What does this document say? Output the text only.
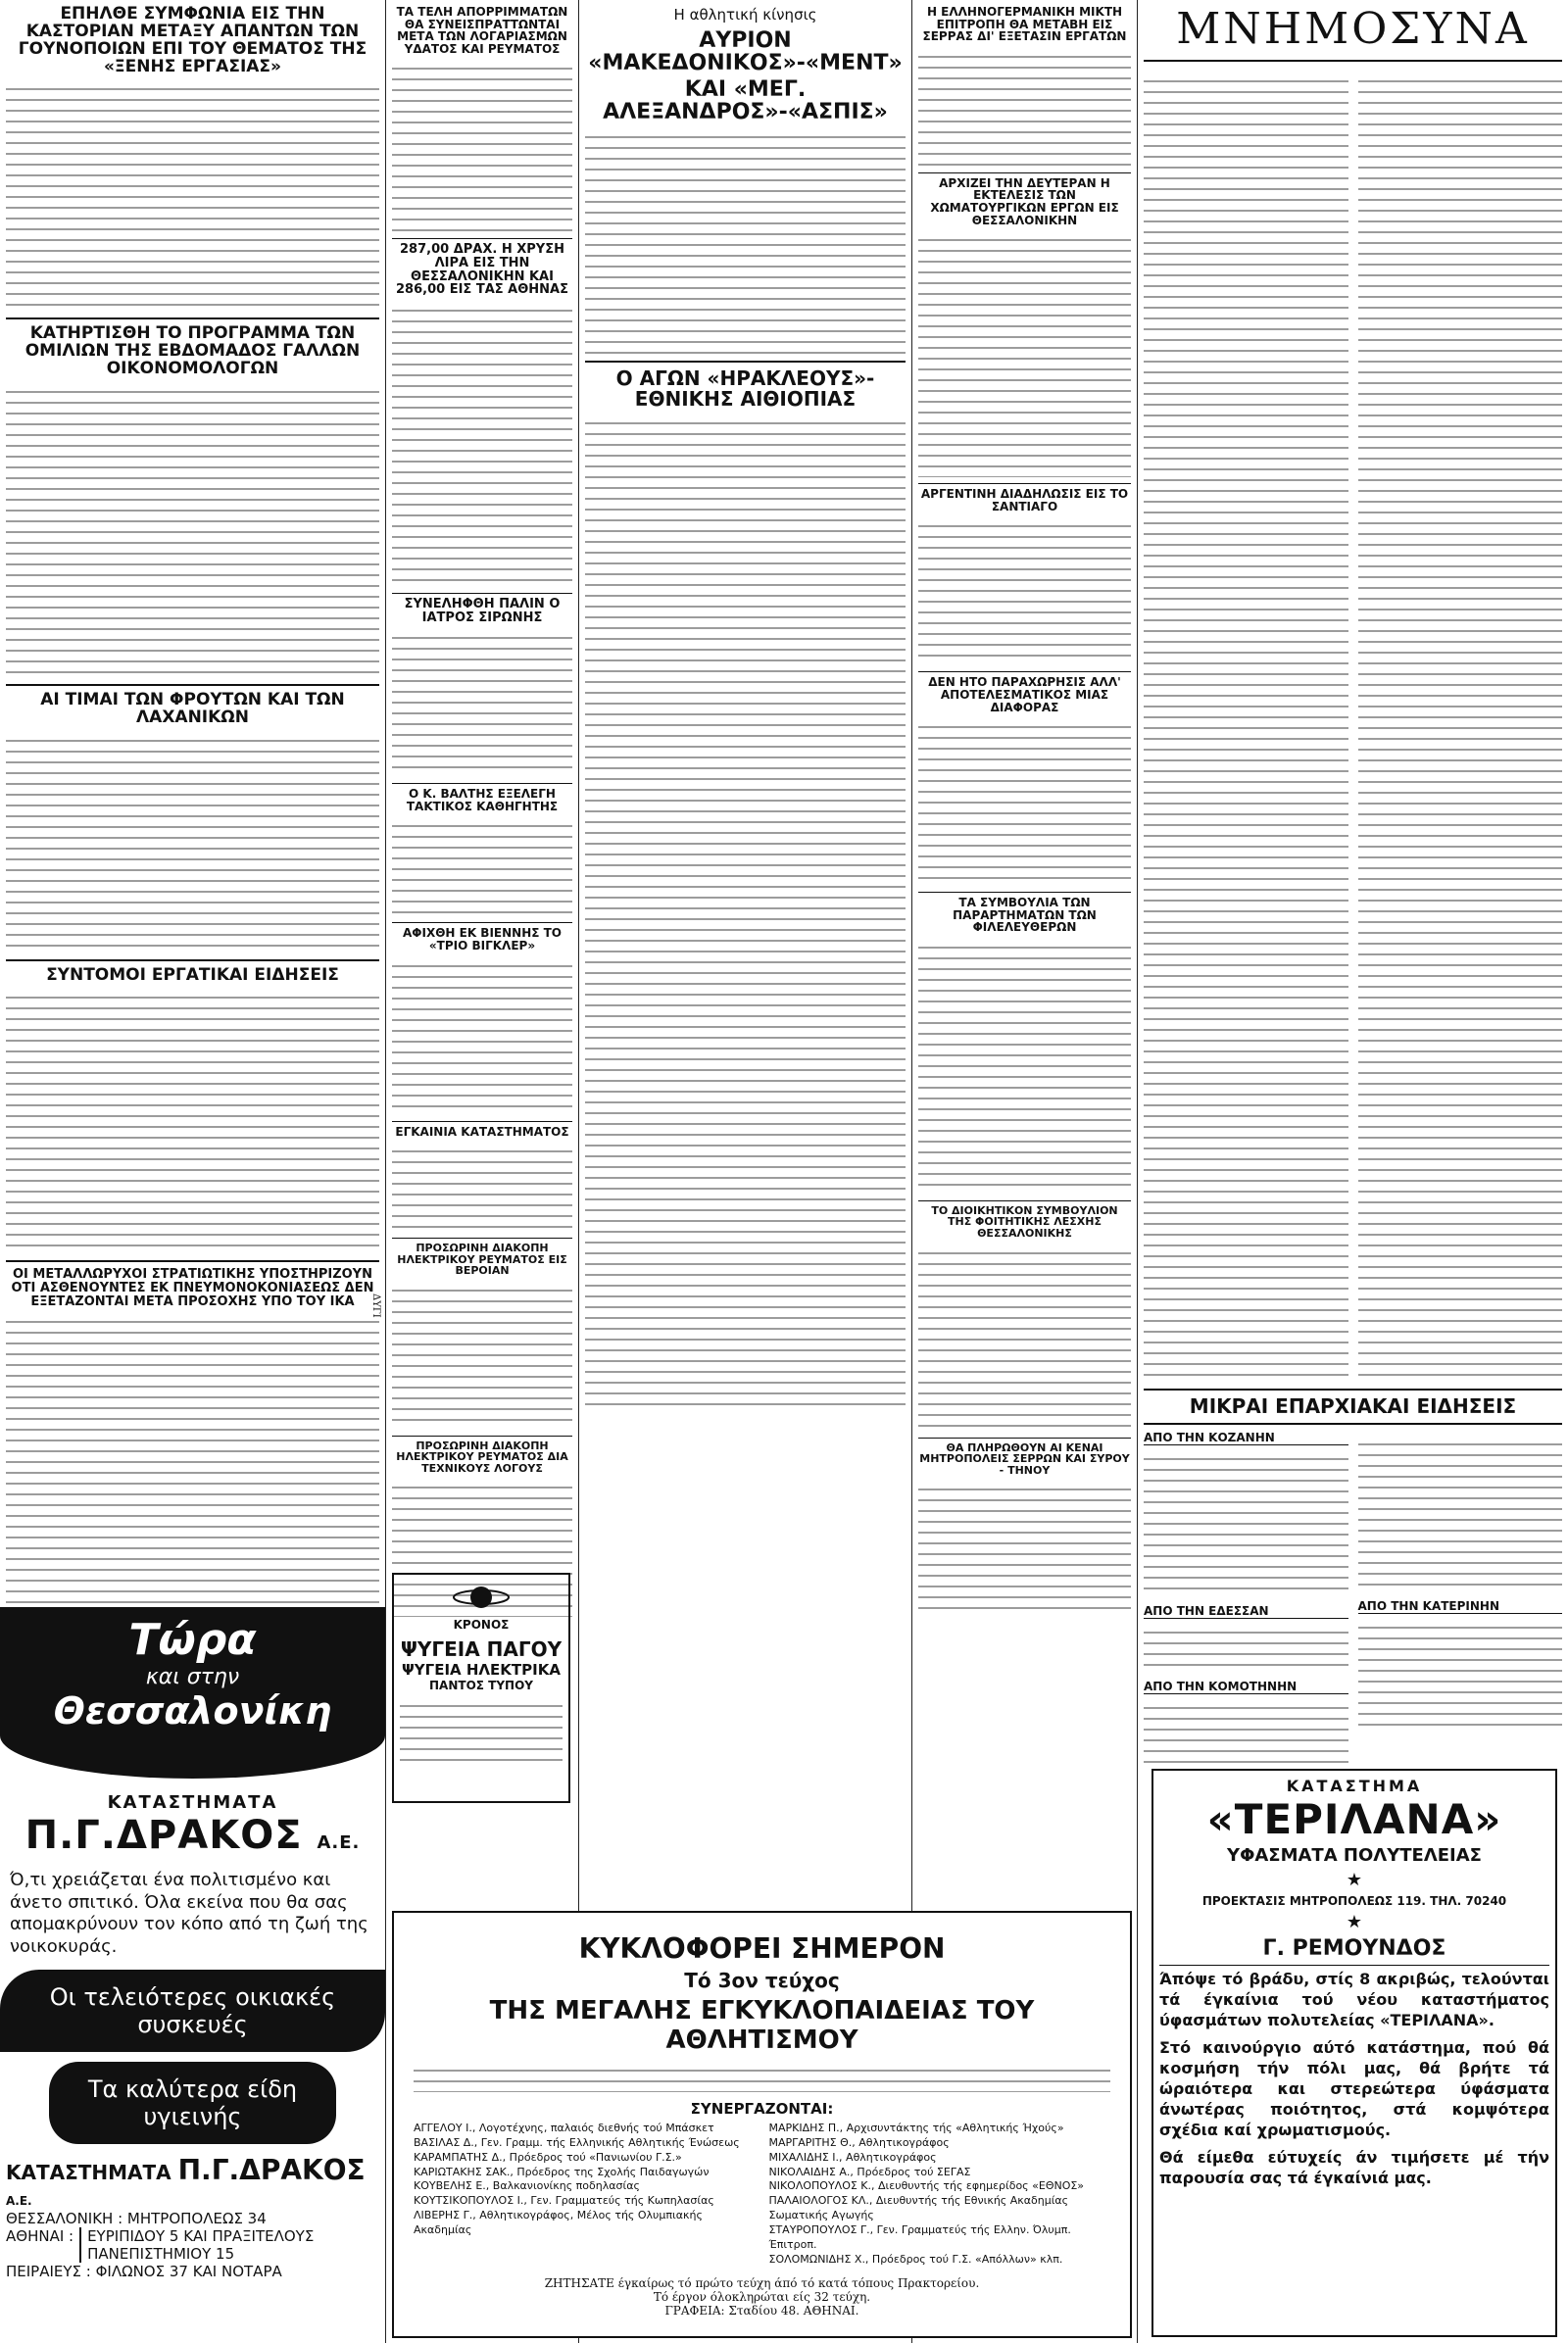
ΕΠΗΛΘΕ ΣΥΜΦΩΝΙΑ ΕΙΣ ΤΗΝ ΚΑΣΤΟΡΙΑΝ ΜΕΤΑΞΥ ΑΠΑΝΤΩΝ ΤΩΝ ΓΟΥΝΟΠΟΙΩΝ ΕΠΙ ΤΟΥ ΘΕΜΑΤΟΣ ΤΗΣ «ΞΕΝΗΣ ΕΡΓΑΣΙΑΣ»
ΚΑΤΗΡΤΙΣΘΗ ΤΟ ΠΡΟΓΡΑΜΜΑ ΤΩΝ ΟΜΙΛΙΩΝ ΤΗΣ ΕΒΔΟΜΑΔΟΣ ΓΑΛΛΩΝ ΟΙΚΟΝΟΜΟΛΟΓΩΝ
ΑΙ ΤΙΜΑΙ ΤΩΝ ΦΡΟΥΤΩΝ ΚΑΙ ΤΩΝ ΛΑΧΑΝΙΚΩΝ
ΣΥΝΤΟΜΟΙ ΕΡΓΑΤΙΚΑΙ ΕΙΔΗΣΕΙΣ
ΟΙ ΜΕΤΑΛΛΩΡΥΧΟΙ ΣΤΡΑΤΙΩΤΙΚΗΣ ΥΠΟΣΤΗΡΙΖΟΥΝ ΟΤΙ ΑΣΘΕΝΟΥΝΤΕΣ ΕΚ ΠΝΕΥΜΟΝΟΚΟΝΙΑΣΕΩΣ ΔΕΝ ΕΞΕΤΑΖΟΝΤΑΙ ΜΕΤΑ ΠΡΟΣΟΧΗΣ ΥΠΟ ΤΟΥ ΙΚΑ
Τώρα
και στην
Θεσσαλονίκη
ΚΑΤΑΣΤΗΜΑΤΑ
Π.Γ.ΔΡΑΚΟΣ Α.Ε.
Ό,τι χρειάζεται ένα πολιτισμένο και άνετο σπιτικό. Όλα εκείνα που θα σας απομακρύνουν τον κόπο από τη ζωή της νοικοκυράς.
Οι τελειότερες οικιακές συσκευές
Τα καλύτερα είδη υγιεινής
ΚΑΤΑΣΤΗΜΑΤΑ Π.Γ.ΔΡΑΚΟΣ Α.Ε.
ΘΕΣΣΑΛΟΝΙΚΗ : ΜΗΤΡΟΠΟΛΕΩΣ 34
ΑΘΗΝΑΙ : ΕΥΡΙΠΙΔΟΥ 5 ΚΑΙ ΠΡΑΞΙΤΕΛΟΥΣ
ΠΑΝΕΠΙΣΤΗΜΙΟΥ 15
ΠΕΙΡΑΙΕΥΣ : ΦΙΛΩΝΟΣ 37 ΚΑΙ ΝΟΤΑΡΑ
ΔΥΓΙ
ΤΑ ΤΕΛΗ ΑΠΟΡΡΙΜΜΑΤΩΝ ΘΑ ΣΥΝΕΙΣΠΡΑΤΤΩΝΤΑΙ ΜΕΤΑ ΤΩΝ ΛΟΓΑΡΙΑΣΜΩΝ ΥΔΑΤΟΣ ΚΑΙ ΡΕΥΜΑΤΟΣ
287,00 ΔΡΑΧ. Η ΧΡΥΣΗ ΛΙΡΑ ΕΙΣ ΤΗΝ ΘΕΣΣΑΛΟΝΙΚΗΝ ΚΑΙ 286,00 ΕΙΣ ΤΑΣ ΑΘΗΝΑΣ
ΣΥΝΕΛΗΦΘΗ ΠΑΛΙΝ Ο ΙΑΤΡΟΣ ΣΙΡΩΝΗΣ
Ο Κ. ΒΑΛΤΗΣ ΕΞΕΛΕΓΗ ΤΑΚΤΙΚΟΣ ΚΑΘΗΓΗΤΗΣ
ΑΦΙΧΘΗ ΕΚ ΒΙΕΝΝΗΣ ΤΟ «ΤΡΙΟ ΒΙΓΚΛΕΡ»
ΕΓΚΑΙΝΙΑ ΚΑΤΑΣΤΗΜΑΤΟΣ
ΠΡΟΣΩΡΙΝΗ ΔΙΑΚΟΠΗ ΗΛΕΚΤΡΙΚΟΥ ΡΕΥΜΑΤΟΣ ΕΙΣ ΒΕΡΟΙΑΝ
ΠΡΟΣΩΡΙΝΗ ΔΙΑΚΟΠΗ ΗΛΕΚΤΡΙΚΟΥ ΡΕΥΜΑΤΟΣ ΔΙΑ ΤΕΧΝΙΚΟΥΣ ΛΟΓΟΥΣ
ΚΡΟΝΟΣ
ΨΥΓΕΙΑ ΠΑΓΟΥ
ΨΥΓΕΙΑ ΗΛΕΚΤΡΙΚΑ
ΠΑΝΤΟΣ ΤΥΠΟΥ
Η αθλητική κίνησις
ΑΥΡΙΟΝ «ΜΑΚΕΔΟΝΙΚΟΣ»-«ΜΕΝΤ»
ΚΑΙ «ΜΕΓ. ΑΛΕΞΑΝΔΡΟΣ»-«ΑΣΠΙΣ»
Ο ΑΓΩΝ «ΗΡΑΚΛΕΟΥΣ»-ΕΘΝΙΚΗΣ ΑΙΘΙΟΠΙΑΣ
Η ΕΛΛΗΝΟΓΕΡΜΑΝΙΚΗ ΜΙΚΤΗ ΕΠΙΤΡΟΠΗ ΘΑ ΜΕΤΑΒΗ ΕΙΣ ΣΕΡΡΑΣ ΔΙ' ΕΞΕΤΑΣΙΝ ΕΡΓΑΤΩΝ
ΑΡΧΙΖΕΙ ΤΗΝ ΔΕΥΤΕΡΑΝ Η ΕΚΤΕΛΕΣΙΣ ΤΩΝ ΧΩΜΑΤΟΥΡΓΙΚΩΝ ΕΡΓΩΝ ΕΙΣ ΘΕΣΣΑΛΟΝΙΚΗΝ
ΑΡΓΕΝΤΙΝΗ ΔΙΑΔΗΛΩΣΙΣ ΕΙΣ ΤΟ ΣΑΝΤΙΑΓΟ
ΔΕΝ ΗΤΟ ΠΑΡΑΧΩΡΗΣΙΣ ΑΛΛ' ΑΠΟΤΕΛΕΣΜΑΤΙΚΟΣ ΜΙΑΣ ΔΙΑΦΟΡΑΣ
ΤΑ ΣΥΜΒΟΥΛΙΑ ΤΩΝ ΠΑΡΑΡΤΗΜΑΤΩΝ ΤΩΝ ΦΙΛΕΛΕΥΘΕΡΩΝ
ΤΟ ΔΙΟΙΚΗΤΙΚΟΝ ΣΥΜΒΟΥΛΙΟΝ ΤΗΣ ΦΟΙΤΗΤΙΚΗΣ ΛΕΣΧΗΣ ΘΕΣΣΑΛΟΝΙΚΗΣ
ΘΑ ΠΛΗΡΩΘΟΥΝ ΑΙ ΚΕΝΑΙ ΜΗΤΡΟΠΟΛΕΙΣ ΣΕΡΡΩΝ ΚΑΙ ΣΥΡΟΥ - ΤΗΝΟΥ
ΜΝΗΜΟΣΥΝΑ
ΜΙΚΡΑΙ ΕΠΑΡΧΙΑΚΑΙ ΕΙΔΗΣΕΙΣ
ΑΠΟ ΤΗΝ ΚΟΖΑΝΗΝ
ΑΠΟ ΤΗΝ ΕΔΕΣΣΑΝ
ΑΠΟ ΤΗΝ ΚΟΜΟΤΗΝΗΝ
ΑΠΟ ΤΗΝ ΚΑΤΕΡΙΝΗΝ
ΚΑΤΑΣΤΗΜΑ
«ΤΕΡΙΛΑΝΑ»
ΥΦΑΣΜΑΤΑ ΠΟΛΥΤΕΛΕΙΑΣ
★
ΠΡΟΕΚΤΑΣΙΣ ΜΗΤΡΟΠΟΛΕΩΣ 119. ΤΗΛ. 70240
★
Γ. ΡΕΜΟΥΝΔΟΣ
Άπόψε τό βράδυ, στίς 8 ακριβώς, τελούνται τά έγκαίνια τού νέου καταστήματος ύφασμάτων πολυτελείας «ΤΕΡΙΛΑΝΑ».
Στό καινούργιο αύτό κατάστημα, πού θά κοσμήση τήν πόλι μας, θά βρήτε τά ώραιότερα και στερεώτερα ύφάσματα άνωτέρας ποιότητος, στά κομψότερα σχέδια καί χρωματισμούς.
Θά είμεθα εύτυχείς άν τιμήσετε μέ τήν παρουσία σας τά έγκαίνιά μας.
ΚΥΚΛΟΦΟΡΕΙ ΣΗΜΕΡΟΝ
Τό 3ον τεύχος
ΤΗΣ ΜΕΓΑΛΗΣ ΕΓΚΥΚΛΟΠΑΙΔΕΙΑΣ ΤΟΥ ΑΘΛΗΤΙΣΜΟΥ
ΣΥΝΕΡΓΑΖΟΝΤΑΙ:
ΑΓΓΕΛΟΥ Ι., Λογοτέχνης, παλαιός διεθνής τού Μπάσκετ
ΒΑΣΙΛΑΣ Δ., Γεν. Γραμμ. τής Ελληνικής Αθλητικής Ένώσεως
ΚΑΡΑΜΠΑΤΗΣ Δ., Πρόεδρος τού «Πανιωνίου Γ.Σ.»
ΚΑΡΙΩΤΑΚΗΣ ΣΑΚ., Πρόεδρος της Σχολής Παιδαγωγών
ΚΟΥΒΕΛΗΣ Ε., Βαλκανιονίκης ποδηλασίας
ΚΟΥΤΣΙΚΟΠΟΥΛΟΣ Ι., Γεν. Γραμματεύς τής Κωπηλασίας
ΛΙΒΕΡΗΣ Γ., Αθλητικογράφος, Μέλος τής Ολυμπιακής Ακαδημίας
ΜΑΡΚΙΔΗΣ Π., Αρχισυντάκτης τής «Αθλητικής Ήχούς»
ΜΑΡΓΑΡΙΤΗΣ Θ., Αθλητικογράφος
ΜΙΧΑΛΙΔΗΣ Ι., Αθλητικογράφος
ΝΙΚΟΛΑΙΔΗΣ Α., Πρόεδρος τού ΣΕΓΑΣ
ΝΙΚΟΛΟΠΟΥΛΟΣ Κ., Διευθυντής τής εφημερίδος «ΕΘΝΟΣ»
ΠΑΛΑΙΟΛΟΓΟΣ ΚΛ., Διευθυντής τής Εθνικής Ακαδημίας Σωματικής Αγωγής
ΣΤΑΥΡΟΠΟΥΛΟΣ Γ., Γεν. Γραμματεύς τής Ελλην. Όλυμπ. Έπιτροπ.
ΣΟΛΟΜΩΝΙΔΗΣ Χ., Πρόεδρος τού Γ.Σ. «Απόλλων» κλπ.
ΖΗΤΗΣΑΤΕ έγκαίρως τό πρώτο τεύχη άπό τό κατά τόπους Πρακτορείου.
Τό έργον όλοκληρώται είς 32 τεύχη.
ΓΡΑΦΕΙΑ: Σταδίου 48. ΑΘΗΝΑΙ.
